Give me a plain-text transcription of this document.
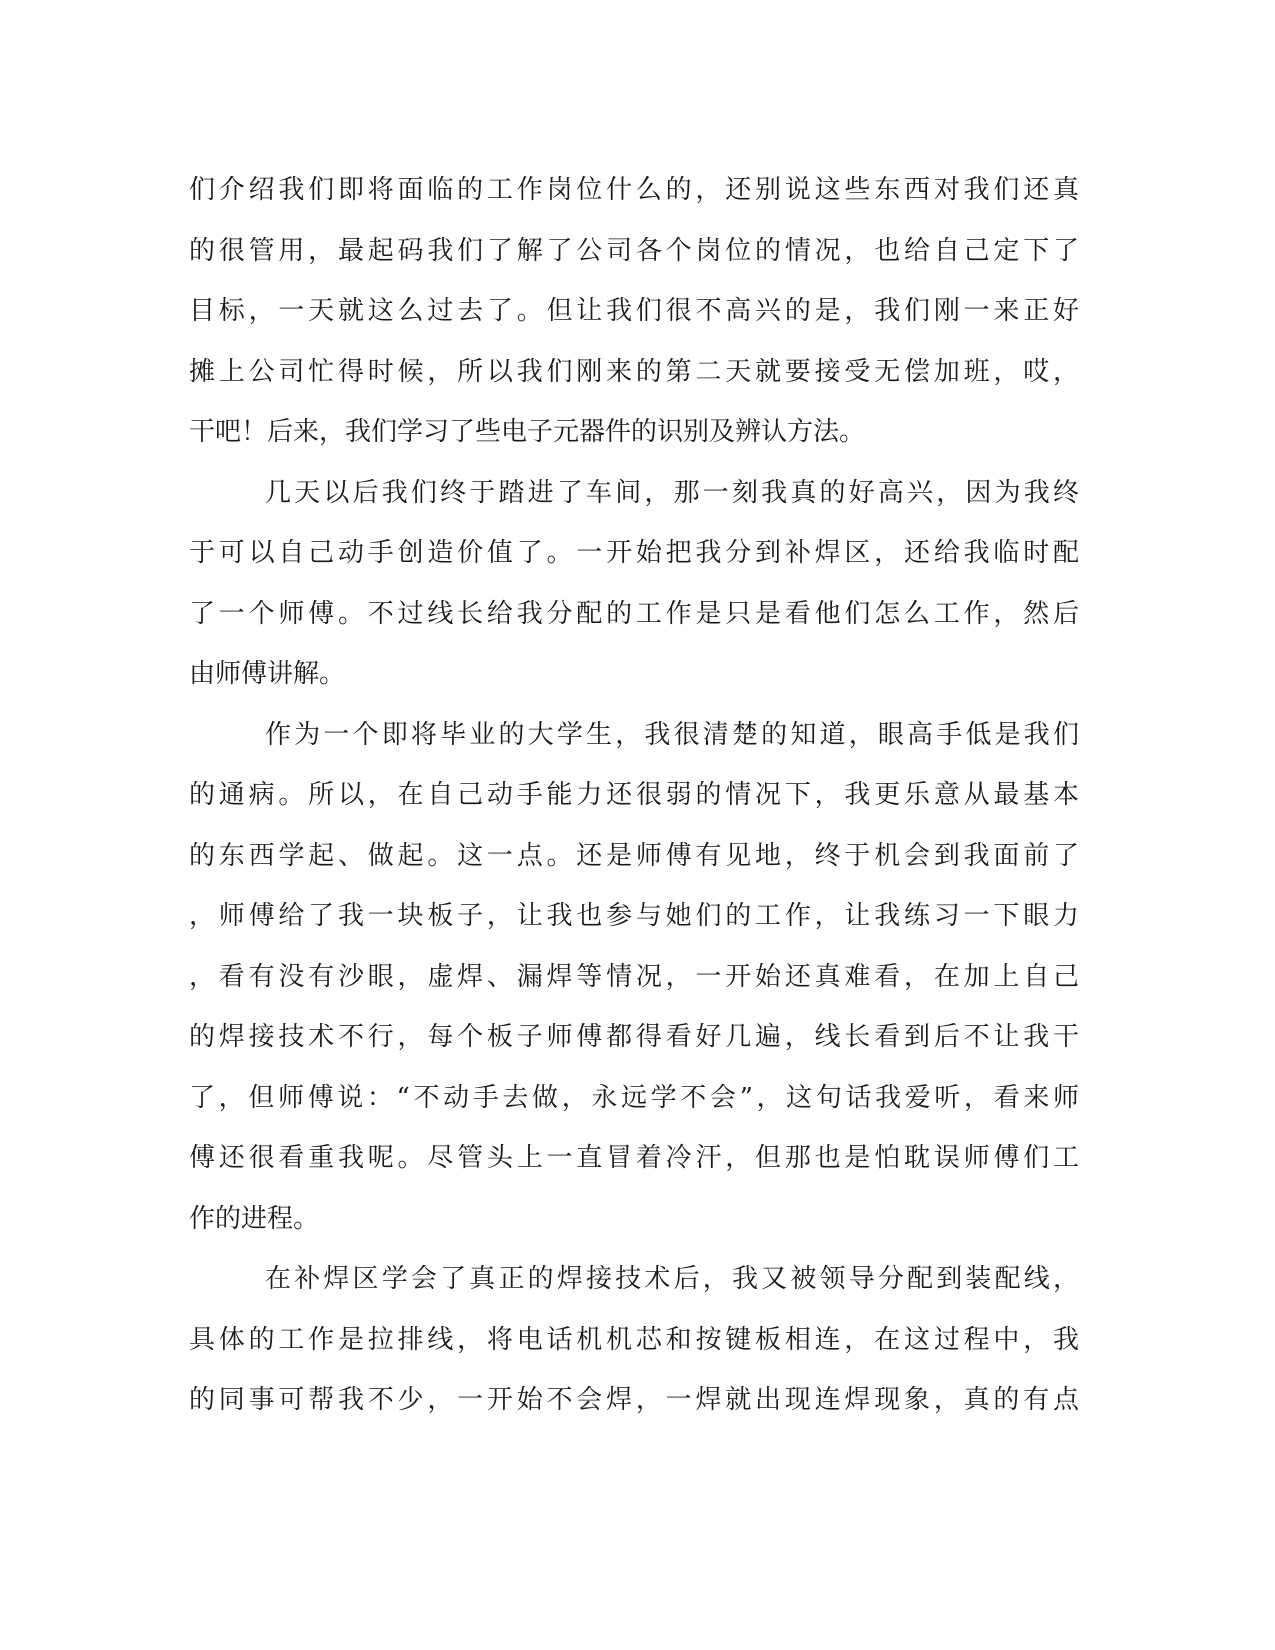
们介绍我们即将面临的工作岗位什么的，还别说这些东西对我们还真
的很管用，最起码我们了解了公司各个岗位的情况，也给自己定下了
目标，一天就这么过去了。但让我们很不高兴的是，我们刚一来正好
摊上公司忙得时候，所以我们刚来的第二天就要接受无偿加班，哎，
干吧！后来，我们学习了些电子元器件的识别及辨认方法。
几天以后我们终于踏进了车间，那一刻我真的好高兴，因为我终
于可以自己动手创造价值了。一开始把我分到补焊区，还给我临时配
了一个师傅。不过线长给我分配的工作是只是看他们怎么工作，然后
由师傅讲解。
作为一个即将毕业的大学生，我很清楚的知道，眼高手低是我们
的通病。所以，在自己动手能力还很弱的情况下，我更乐意从最基本
的东西学起、做起。这一点。还是师傅有见地，终于机会到我面前了
，师傅给了我一块板子，让我也参与她们的工作，让我练习一下眼力
，看有没有沙眼，虚焊、漏焊等情况，一开始还真难看，在加上自己
的焊接技术不行，每个板子师傅都得看好几遍，线长看到后不让我干
了，但师傅说：“不动手去做，永远学不会”，这句话我爱听，看来师
傅还很看重我呢。尽管头上一直冒着冷汗，但那也是怕耽误师傅们工
作的进程。
在补焊区学会了真正的焊接技术后，我又被领导分配到装配线，
具体的工作是拉排线，将电话机机芯和按键板相连，在这过程中，我
的同事可帮我不少，一开始不会焊，一焊就出现连焊现象，真的有点
